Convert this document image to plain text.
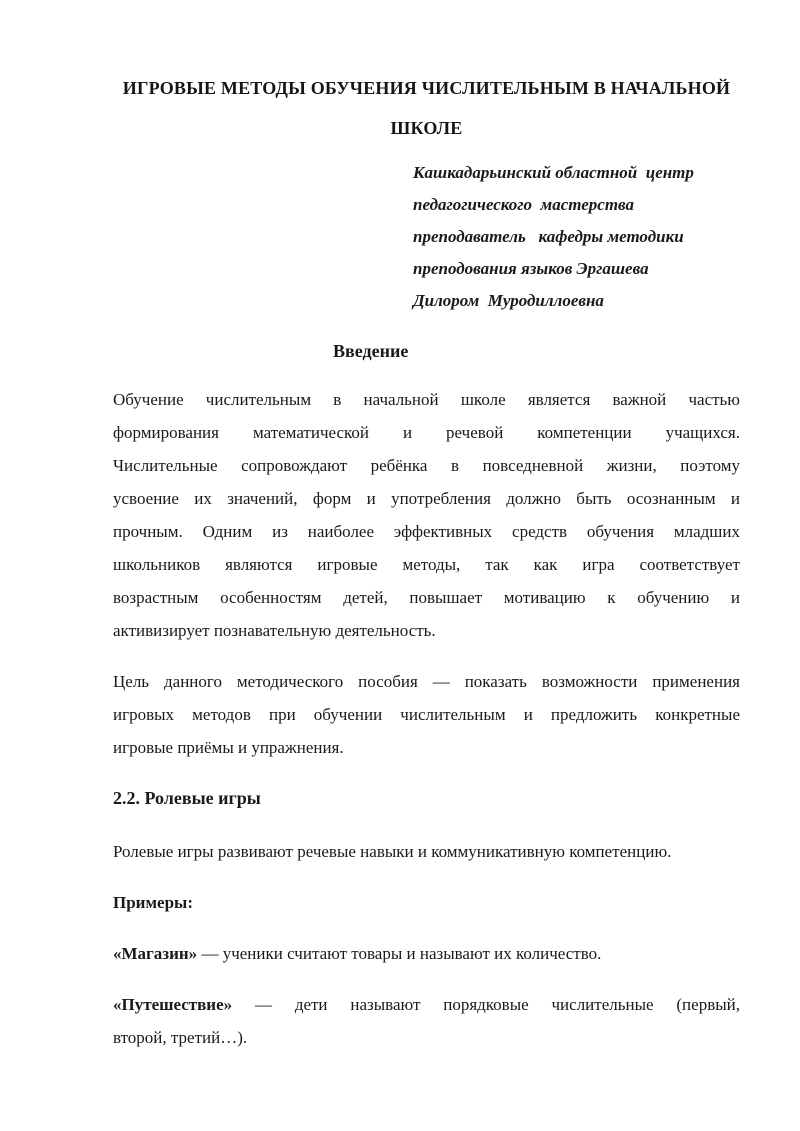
ИГРОВЫЕ МЕТОДЫ ОБУЧЕНИЯ ЧИСЛИТЕЛЬНЫМ В НАЧАЛЬНОЙ
ШКОЛЕ
Кашкадарьинский областной  центр
педагогического  мастерства
преподаватель   кафедры методики
преподования языков Эргашева
Дилором  Муродиллоевна
Введение
Обучение числительным в начальной школе является важной частью
формирования математической и речевой компетенции учащихся.
Числительные сопровождают ребёнка в повседневной жизни, поэтому
усвоение их значений, форм и употребления должно быть осознанным и
прочным. Одним из наиболее эффективных средств обучения младших
школьников являются игровые методы, так как игра соответствует
возрастным особенностям детей, повышает мотивацию к обучению и
активизирует познавательную деятельность.
Цель данного методического пособия — показать возможности применения
игровых методов при обучении числительным и предложить конкретные
игровые приёмы и упражнения.
2.2. Ролевые игры

Ролевые игры развивают речевые навыки и коммуникативную компетенцию.

Примеры:

«Магазин» — ученики считают товары и называют их количество.
«Путешествие» — дети называют порядковые числительные (первый,
второй, третий…).
